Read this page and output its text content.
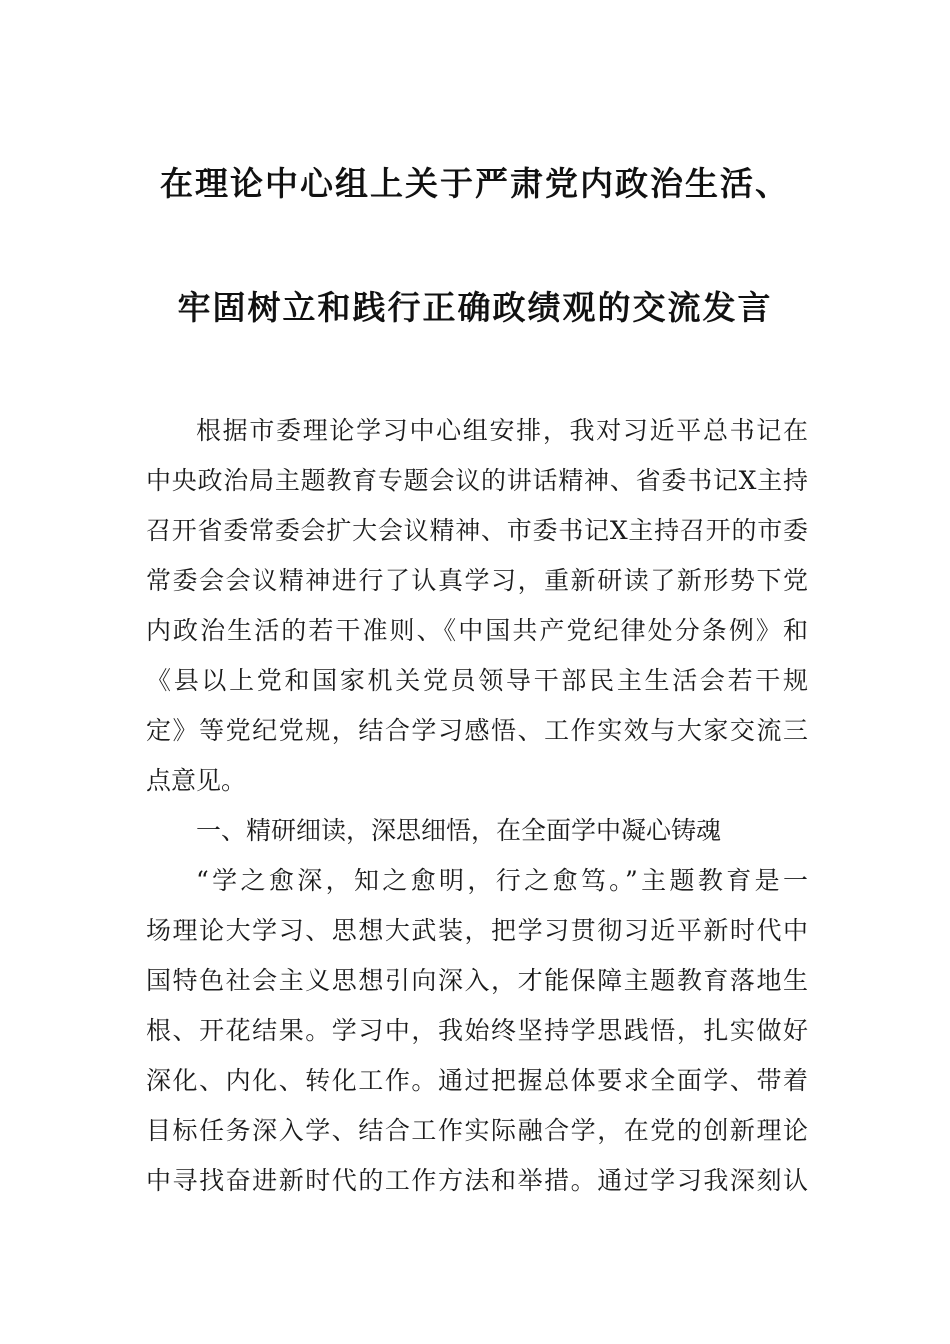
在理论中心组上关于严肃党内政治生活、
牢固树立和践行正确政绩观的交流发言
根据市委理论学习中心组安排，我对习近平总书记在
中央政治局主题教育专题会议的讲话精神、省委书记X主持
召开省委常委会扩大会议精神、市委书记X主持召开的市委
常委会会议精神进行了认真学习，重新研读了新形势下党
内政治生活的若干准则、《中国共产党纪律处分条例》和
《县以上党和国家机关党员领导干部民主生活会若干规
定》等党纪党规，结合学习感悟、工作实效与大家交流三
点意见。
一、精研细读，深思细悟，在全面学中凝心铸魂
“学之愈深，知之愈明，行之愈笃。”主题教育是一
场理论大学习、思想大武装，把学习贯彻习近平新时代中
国特色社会主义思想引向深入，才能保障主题教育落地生
根、开花结果。学习中，我始终坚持学思践悟，扎实做好
深化、内化、转化工作。通过把握总体要求全面学、带着
目标任务深入学、结合工作实际融合学，在党的创新理论
中寻找奋进新时代的工作方法和举措。通过学习我深刻认
